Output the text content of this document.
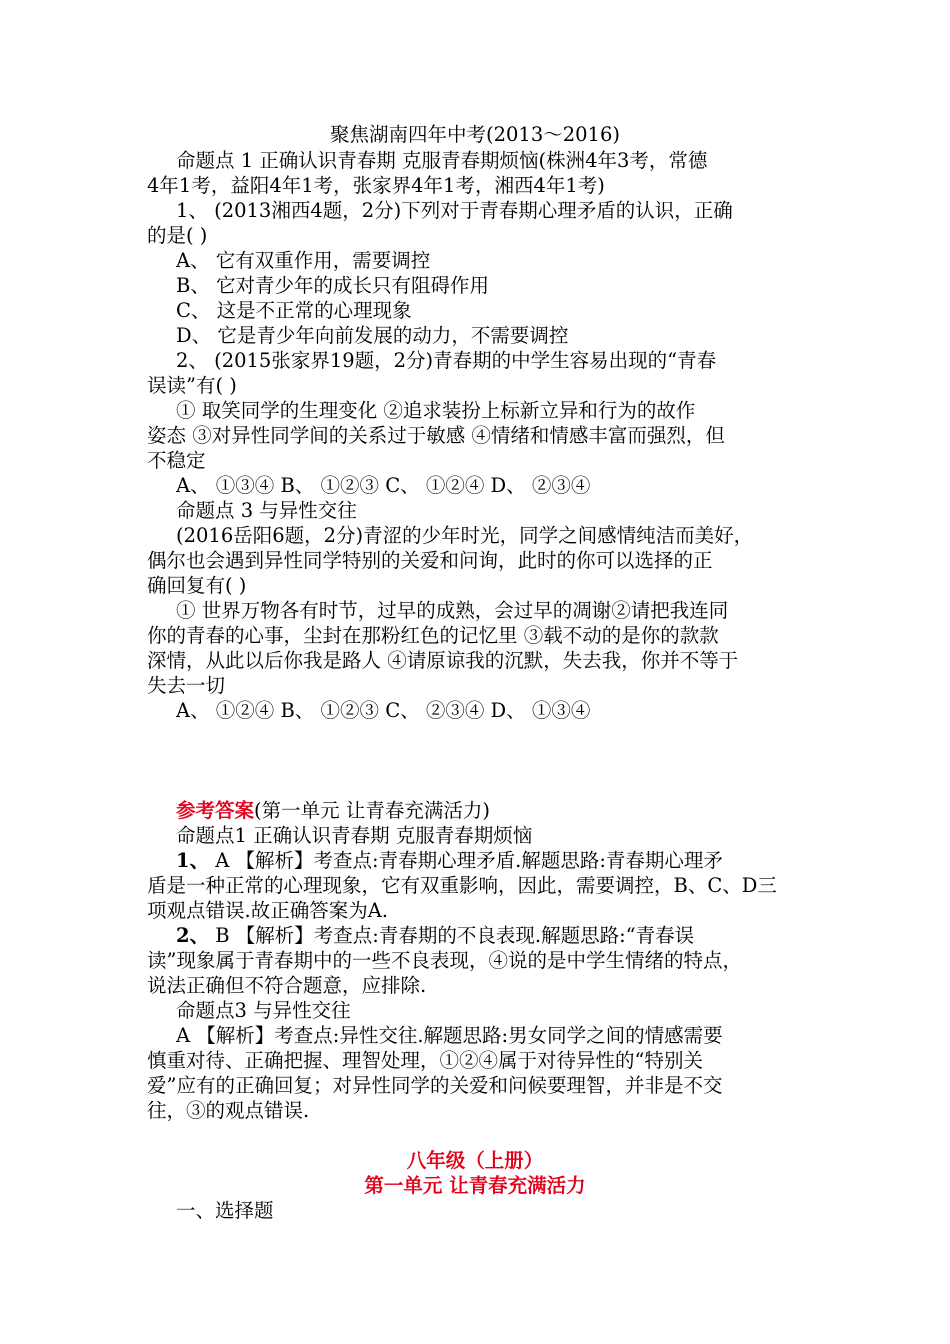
聚焦湖南四年中考(2013～2016)
命题点 1 正确认识青春期 克服青春期烦恼(株洲4年3考，常德
4年1考，益阳4年1考，张家界4年1考，湘西4年1考)
1、 (2013湘西4题，2分)下列对于青春期心理矛盾的认识，正确
的是( )
A、 它有双重作用，需要调控
B、 它对青少年的成长只有阻碍作用
C、 这是不正常的心理现象
D、 它是青少年向前发展的动力，不需要调控
2、 (2015张家界19题，2分)青春期的中学生容易出现的“青春
误读”有( )
① 取笑同学的生理变化 ②追求装扮上标新立异和行为的故作
姿态 ③对异性同学间的关系过于敏感 ④情绪和情感丰富而强烈，但
不稳定
A、 ①③④ B、 ①②③ C、 ①②④ D、 ②③④
命题点 3 与异性交往
(2016岳阳6题，2分)青涩的少年时光，同学之间感情纯洁而美好，
偶尔也会遇到异性同学特别的关爱和问询，此时的你可以选择的正
确回复有( )
① 世界万物各有时节，过早的成熟，会过早的凋谢②请把我连同
你的青春的心事，尘封在那粉红色的记忆里 ③载不动的是你的款款
深情，从此以后你我是路人 ④请原谅我的沉默，失去我，你并不等于
失去一切
A、 ①②④ B、 ①②③ C、 ②③④ D、 ①③④
参考答案(第一单元 让青春充满活力)
命题点1 正确认识青春期 克服青春期烦恼
1、 A 【解析】考查点:青春期心理矛盾.解题思路:青春期心理矛
盾是一种正常的心理现象，它有双重影响，因此，需要调控，B、C、D三
项观点错误.故正确答案为A.
2、 B 【解析】考查点:青春期的不良表现.解题思路:“青春误
读”现象属于青春期中的一些不良表现，④说的是中学生情绪的特点，
说法正确但不符合题意，应排除.
命题点3 与异性交往
A 【解析】考查点:异性交往.解题思路:男女同学之间的情感需要
慎重对待、正确把握、理智处理，①②④属于对待异性的“特别关
爱”应有的正确回复；对异性同学的关爱和问候要理智，并非是不交
往，③的观点错误.
八年级（上册）
第一单元 让青春充满活力
一、选择题
